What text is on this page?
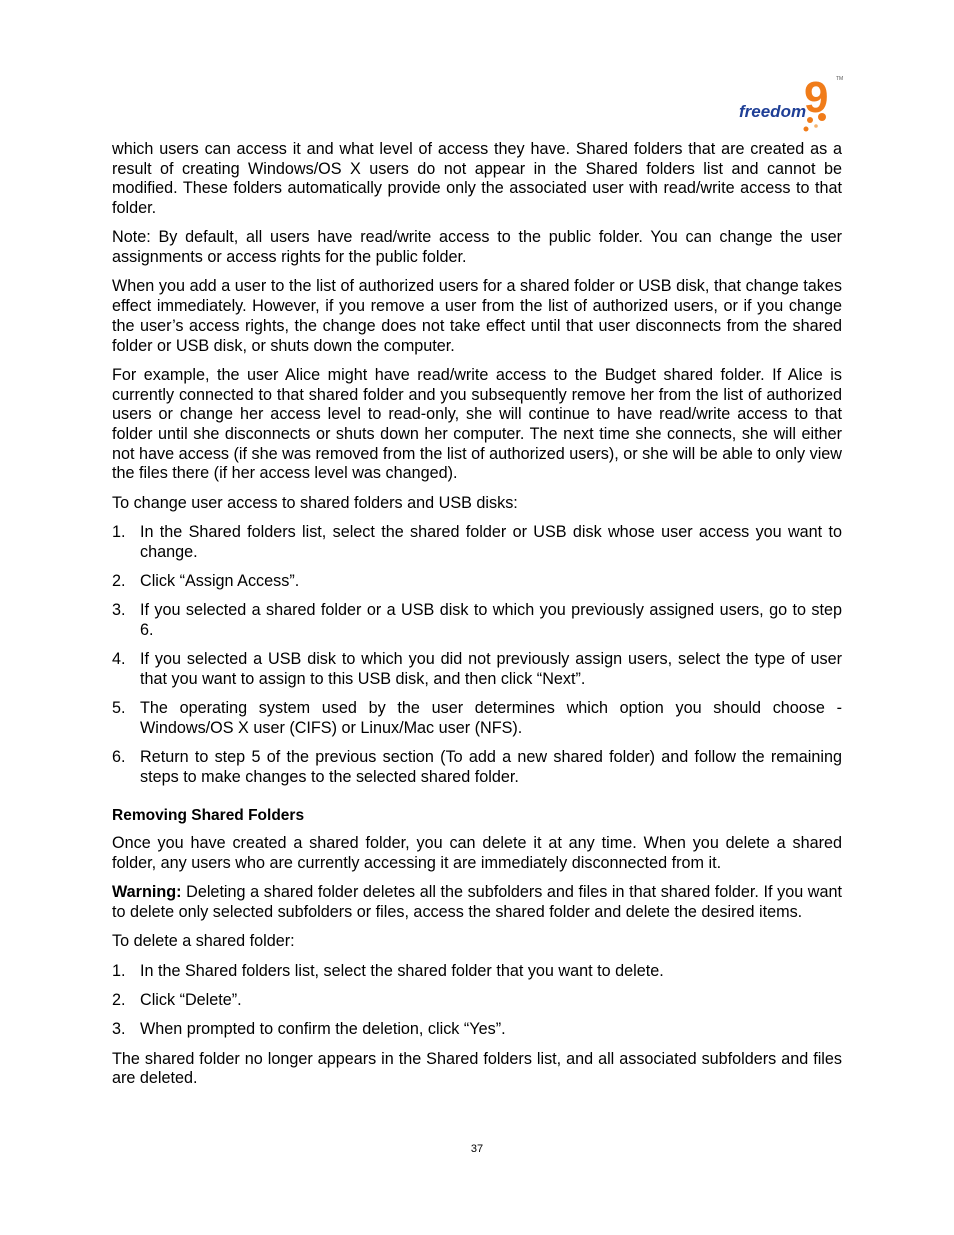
9 TM
freedom

which users can access it and what level of access they have. Shared folders that are created as a result of creating Windows/OS X users do not appear in the Shared folders list and cannot be modified. These folders automatically provide only the associated user with read/write access to that folder.

Note: By default, all users have read/write access to the public folder. You can change the user assignments or access rights for the public folder.

When you add a user to the list of authorized users for a shared folder or USB disk, that change takes effect immediately. However, if you remove a user from the list of authorized users, or if you change the user’s access rights, the change does not take effect until that user disconnects from the shared folder or USB disk, or shuts down the computer.

For example, the user Alice might have read/write access to the Budget shared folder. If Alice is currently connected to that shared folder and you subsequently remove her from the list of authorized users or change her access level to read-only, she will continue to have read/write access to that folder until she disconnects or shuts down her computer. The next time she connects, she will either not have access (if she was removed from the list of authorized users), or she will be able to only view the files there (if her access level was changed).

To change user access to shared folders and USB disks:

1. In the Shared folders list, select the shared folder or USB disk whose user access you want to change.
2. Click “Assign Access”.
3. If you selected a shared folder or a USB disk to which you previously assigned users, go to step 6.
4. If you selected a USB disk to which you did not previously assign users, select the type of user that you want to assign to this USB disk, and then click “Next”.
5. The operating system used by the user determines which option you should choose - Windows/OS X user (CIFS) or Linux/Mac user (NFS).
6. Return to step 5 of the previous section (To add a new shared folder) and follow the remaining steps to make changes to the selected shared folder.
Removing Shared Folders

Once you have created a shared folder, you can delete it at any time. When you delete a shared folder, any users who are currently accessing it are immediately disconnected from it.

Warning: Deleting a shared folder deletes all the subfolders and files in that shared folder. If you want to delete only selected subfolders or files, access the shared folder and delete the desired items.

To delete a shared folder:

1. In the Shared folders list, select the shared folder that you want to delete.
2. Click “Delete”.
3. When prompted to confirm the deletion, click “Yes”.

The shared folder no longer appears in the Shared folders list, and all associated subfolders and files are deleted.

37
